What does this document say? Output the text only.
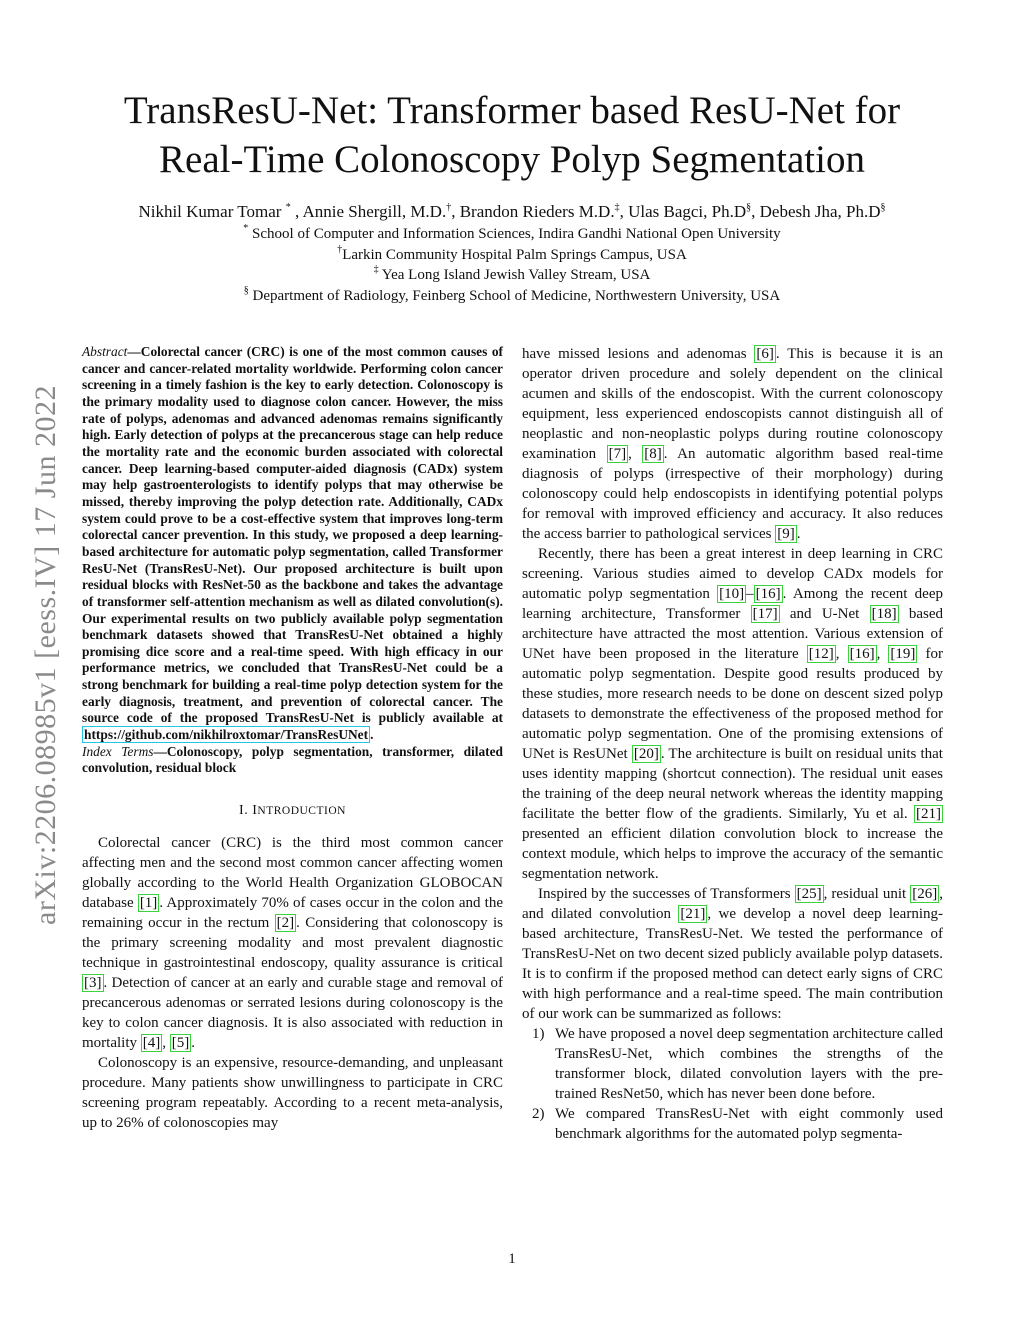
arXiv:2206.08985v1 [eess.IV] 17 Jun 2022
TransResU-Net: Transformer based ResU-Net for
Real-Time Colonoscopy Polyp Segmentation
Nikhil Kumar Tomar * , Annie Shergill, M.D.†, Brandon Rieders M.D.‡, Ulas Bagci, Ph.D§, Debesh Jha, Ph.D§
* School of Computer and Information Sciences, Indira Gandhi National Open University
†Larkin Community Hospital Palm Springs Campus, USA
‡ Yea Long Island Jewish Valley Stream, USA
§ Department of Radiology, Feinberg School of Medicine, Northwestern University, USA

Abstract—Colorectal cancer (CRC) is one of the most common causes of cancer and cancer-related mortality worldwide. Performing colon cancer screening in a timely fashion is the key to early detection. Colonoscopy is the primary modality used to diagnose colon cancer. However, the miss rate of polyps, adenomas and advanced adenomas remains significantly high. Early detection of polyps at the precancerous stage can help reduce the mortality rate and the economic burden associated with colorectal cancer. Deep learning-based computer-aided diagnosis (CADx) system may help gastroenterologists to identify polyps that may otherwise be missed, thereby improving the polyp detection rate. Additionally, CADx system could prove to be a cost-effective system that improves long-term colorectal cancer prevention. In this study, we proposed a deep learning-based architecture for automatic polyp segmentation, called Transformer ResU-Net (TransResU-Net). Our proposed architecture is built upon residual blocks with ResNet-50 as the backbone and takes the advantage of transformer self-attention mechanism as well as dilated convolution(s). Our experimental results on two publicly available polyp segmentation benchmark datasets showed that TransResU-Net obtained a highly promising dice score and a real-time speed. With high efficacy in our performance metrics, we concluded that TransResU-Net could be a strong benchmark for building a real-time polyp detection system for the early diagnosis, treatment, and prevention of colorectal cancer. The source code of the proposed TransResU-Net is publicly available at https://github.com/nikhilroxtomar/TransResUNet .

Index Terms—Colonoscopy, polyp segmentation, transformer, dilated convolution, residual block

I. INTRODUCTION

Colorectal cancer (CRC) is the third most common cancer affecting men and the second most common cancer affecting women globally according to the World Health Organization GLOBOCAN database [1] . Approximately 70% of cases occur in the colon and the remaining occur in the rectum [2] . Considering that colonoscopy is the primary screening modality and most prevalent diagnostic technique in gastrointestinal endoscopy, quality assurance is critical [3] . Detection of cancer at an early and curable stage and removal of precancerous adenomas or serrated lesions during colonoscopy is the key to colon cancer diagnosis. It is also associated with reduction in mortality [4] , [5] .

Colonoscopy is an expensive, resource-demanding, and unpleasant procedure. Many patients show unwillingness to participate in CRC screening program repeatably. According to a recent meta-analysis, up to 26% of colonoscopies may

have missed lesions and adenomas [6] . This is because it is an operator driven procedure and solely dependent on the clinical acumen and skills of the endoscopist. With the current colonoscopy equipment, less experienced endoscopists cannot distinguish all of neoplastic and non-neoplastic polyps during routine colonoscopy examination [7] , [8] . An automatic algorithm based real-time diagnosis of polyps (irrespective of their morphology) during colonoscopy could help endoscopists in identifying potential polyps for removal with improved efficiency and accuracy. It also reduces the access barrier to pathological services [9] .

Recently, there has been a great interest in deep learning in CRC screening. Various studies aimed to develop CADx models for automatic polyp segmentation [10] – [16] . Among the recent deep learning architecture, Transformer [17] and U-Net [18] based architecture have attracted the most attention. Various extension of UNet have been proposed in the literature [12] , [16] , [19] for automatic polyp segmentation. Despite good results produced by these studies, more research needs to be done on descent sized polyp datasets to demonstrate the effectiveness of the proposed method for automatic polyp segmentation. One of the promising extensions of UNet is ResUNet [20] . The architecture is built on residual units that uses identity mapping (shortcut connection). The residual unit eases the training of the deep neural network whereas the identity mapping facilitate the better flow of the gradients. Similarly, Yu et al. [21] presented an efficient dilation convolution block to increase the context module, which helps to improve the accuracy of the semantic segmentation network.

Inspired by the successes of Transformers [25] , residual unit [26] , and dilated convolution [21] , we develop a novel deep learning-based architecture, TransResU-Net. We tested the performance of TransResU-Net on two decent sized publicly available polyp datasets. It is to confirm if the proposed method can detect early signs of CRC with high performance and a real-time speed. The main contribution of our work can be summarized as follows:

1) We have proposed a novel deep segmentation architecture called TransResU-Net, which combines the strengths of the transformer block, dilated convolution layers with the pre-trained ResNet50, which has never been done before.
2) We compared TransResU-Net with eight commonly used benchmark algorithms for the automated polyp segmenta-
1
